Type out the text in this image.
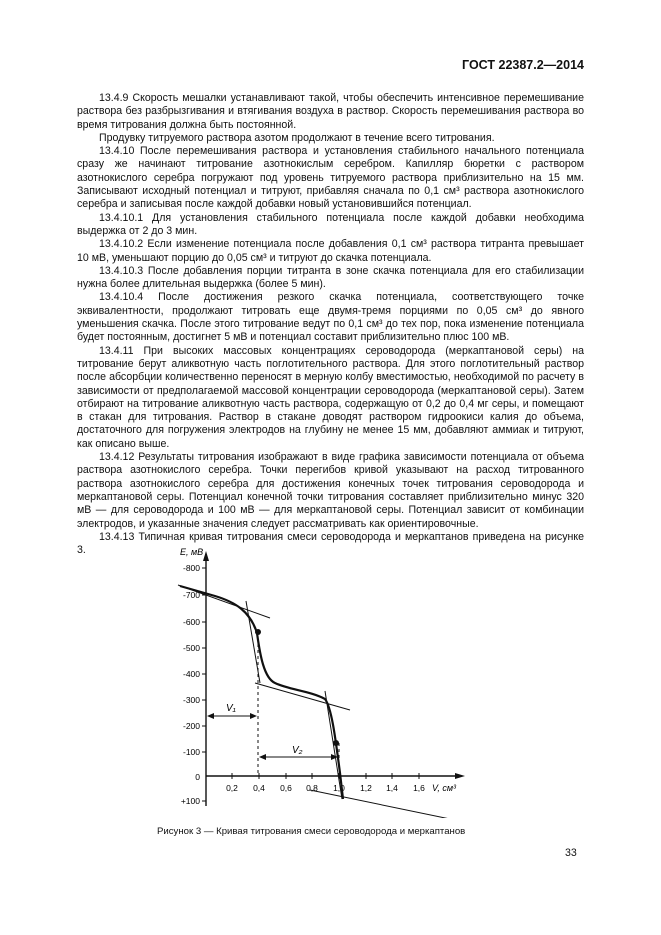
ГОСТ 22387.2—2014

13.4.9 Скорость мешалки устанавливают такой, чтобы обеспечить интенсивное перемешивание раствора без разбрызгивания и втягивания воздуха в раствор. Скорость перемешивания раствора во время титрования должна быть постоянной.

Продувку титруемого раствора азотом продолжают в течение всего титрования.

13.4.10 После перемешивания раствора и установления стабильного начального потенциала сразу же начинают титрование азотнокислым серебром. Капилляр бюретки с раствором азотнокислого серебра погружают под уровень титруемого раствора приблизительно на 15 мм. Записывают исходный потенциал и титруют, прибавляя сначала по 0,1 см³ раствора азотнокислого серебра и записывая после каждой добавки новый установившийся потенциал.

13.4.10.1 Для установления стабильного потенциала после каждой добавки необходима выдержка от 2 до 3 мин.

13.4.10.2 Если изменение потенциала после добавления 0,1 см³ раствора титранта превышает 10 мВ, уменьшают порцию до 0,05 см³ и титруют до скачка потенциала.

13.4.10.3 После добавления порции титранта в зоне скачка потенциала для его стабилизации нужна более длительная выдержка (более 5 мин).

13.4.10.4 После достижения резкого скачка потенциала, соответствующего точке эквивалентности, продолжают титровать еще двумя-тремя порциями по 0,05 см³ до явного уменьшения скачка. После этого титрование ведут по 0,1 см³ до тех пор, пока изменение потенциала будет постоянным, достигнет 5 мВ и потенциал составит приблизительно плюс 100 мВ.

13.4.11 При высоких массовых концентрациях сероводорода (меркаптановой серы) на титрование берут аликвотную часть поглотительного раствора. Для этого поглотительный раствор после абсорбции количественно переносят в мерную колбу вместимостью, необходимой по расчету в зависимости от предполагаемой массовой концентрации сероводорода (меркаптановой серы). Затем отбирают на титрование аликвотную часть раствора, содержащую от 0,2 до 0,4 мг серы, и помещают в стакан для титрования. Раствор в стакане доводят раствором гидроокиси калия до объема, достаточного для погружения электродов на глубину не менее 15 мм, добавляют аммиак и титруют, как описано выше.

13.4.12 Результаты титрования изображают в виде графика зависимости потенциала от объема раствора азотнокислого серебра. Точки перегибов кривой указывают на расход титрованного раствора азотнокислого серебра для достижения конечных точек титрования сероводорода и меркаптановой серы. Потенциал конечной точки титрования составляет приблизительно минус 320 мВ — для сероводорода и 100 мВ — для меркаптановой серы. Потенциал зависит от комбинации электродов, и указанные значения следует рассматривать как ориентировочные.

13.4.13 Типичная кривая титрования смеси сероводорода и меркаптанов приведена на рисунке 3.

-800
-700
-600
-500
-400
-300
-200
-100
0
+100
E, мВ
0,2 0,4 0,6 0,8 1,0 1,2 1,4 1,6 V, см³
V₁
V₂
Рисунок 3 — Кривая титрования смеси сероводорода и меркаптанов
33
